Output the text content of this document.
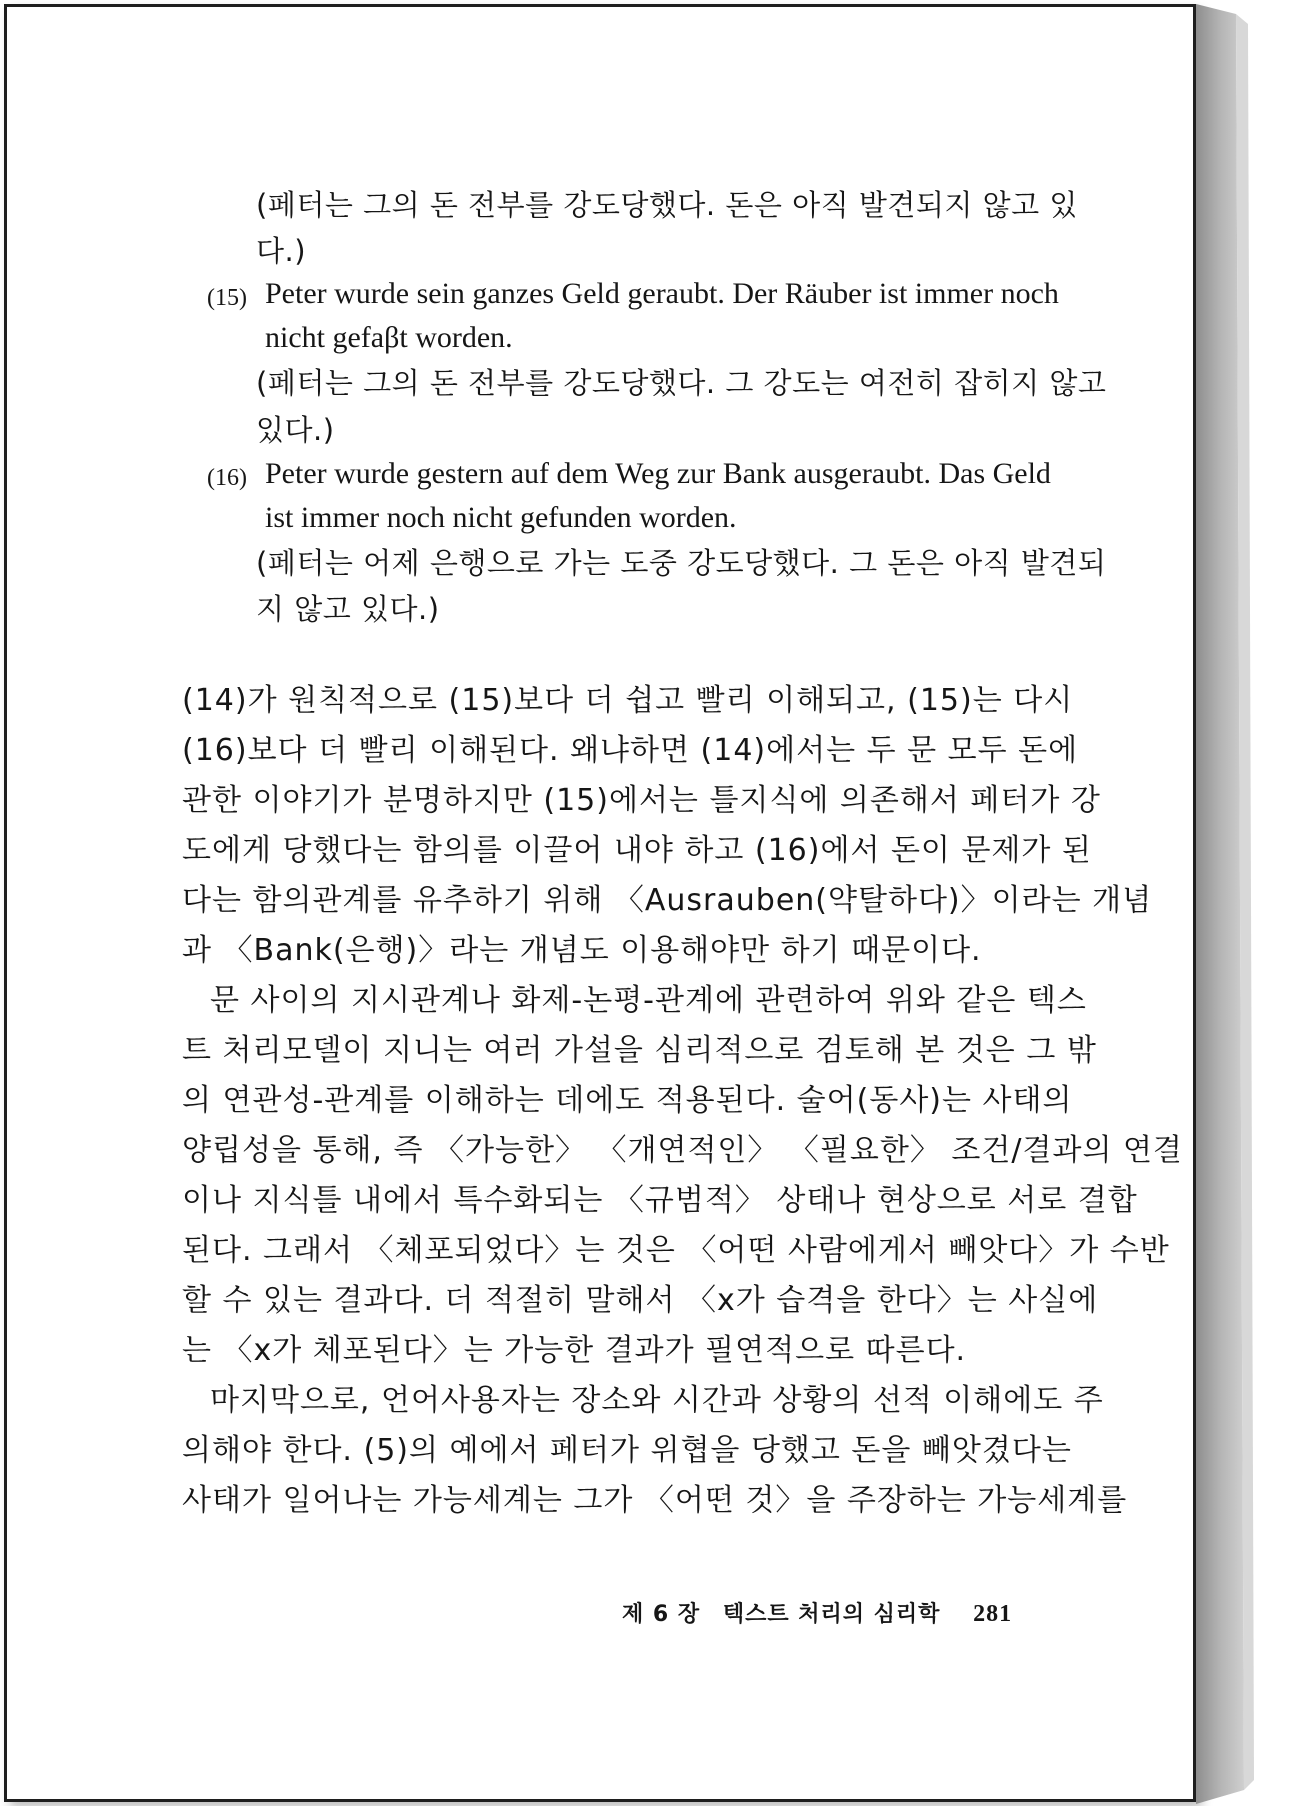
(페터는 그의 돈 전부를 강도당했다. 돈은 아직 발견되지 않고 있
다.)
(15) Peter wurde sein ganzes Geld geraubt. Der Räuber ist immer noch
nicht gefaβt worden.
(페터는 그의 돈 전부를 강도당했다. 그 강도는 여전히 잡히지 않고
있다.)
(16) Peter wurde gestern auf dem Weg zur Bank ausgeraubt. Das Geld
ist immer noch nicht gefunden worden.
(페터는 어제 은행으로 가는 도중 강도당했다. 그 돈은 아직 발견되
지 않고 있다.)
(14)가 원칙적으로 (15)보다 더 쉽고 빨리 이해되고, (15)는 다시
(16)보다 더 빨리 이해된다. 왜냐하면 (14)에서는 두 문 모두 돈에
관한 이야기가 분명하지만 (15)에서는 틀지식에 의존해서 페터가 강
도에게 당했다는 함의를 이끌어 내야 하고 (16)에서 돈이 문제가 된
다는 함의관계를 유추하기 위해 〈Ausrauben(약탈하다)〉이라는 개념
과 〈Bank(은행)〉라는 개념도 이용해야만 하기 때문이다.
문 사이의 지시관계나 화제-논평-관계에 관련하여 위와 같은 텍스
트 처리모델이 지니는 여러 가설을 심리적으로 검토해 본 것은 그 밖
의 연관성-관계를 이해하는 데에도 적용된다. 술어(동사)는 사태의
양립성을 통해, 즉 〈가능한〉 〈개연적인〉 〈필요한〉 조건/결과의 연결
이나 지식틀 내에서 특수화되는 〈규범적〉 상태나 현상으로 서로 결합
된다. 그래서 〈체포되었다〉는 것은 〈어떤 사람에게서 빼앗다〉가 수반
할 수 있는 결과다. 더 적절히 말해서 〈x가 습격을 한다〉는 사실에
는 〈x가 체포된다〉는 가능한 결과가 필연적으로 따른다.
마지막으로, 언어사용자는 장소와 시간과 상황의 선적 이해에도 주
의해야 한다. (5)의 예에서 페터가 위협을 당했고 돈을 빼앗겼다는
사태가 일어나는 가능세계는 그가 〈어떤 것〉을 주장하는 가능세계를
제 6 장 텍스트 처리의 심리학 281
